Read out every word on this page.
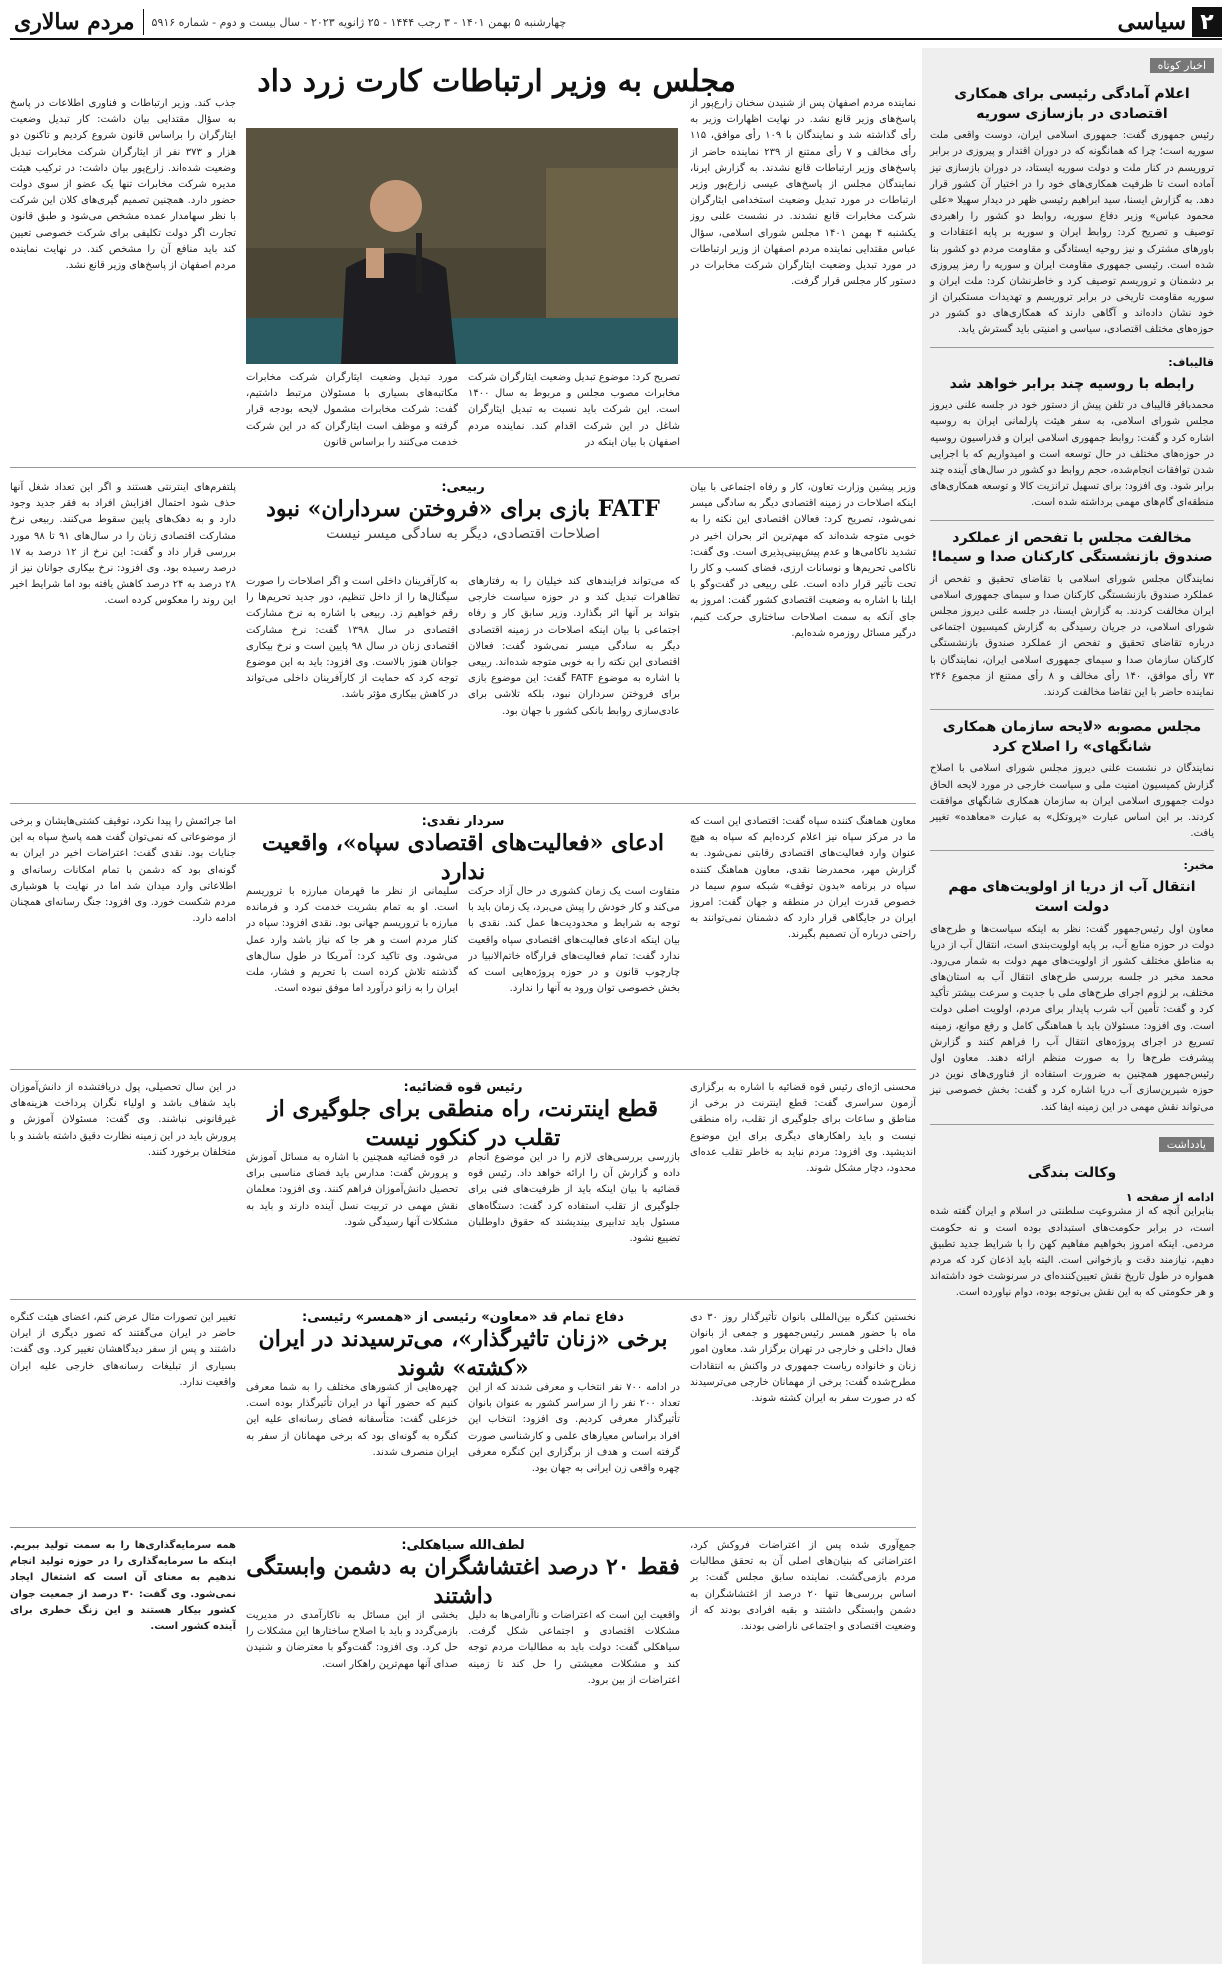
۲
سیاسی
چهارشنبه ۵ بهمن ۱۴۰۱ - ۳ رجب ۱۴۴۴ - ۲۵ ژانویه ۲۰۲۳ - سال بیست و دوم - شماره ۵۹۱۶
مردم سالاری
اخبار کوتاه
اعلام آمادگی رئیسی برای همکاری اقتصادی در بازسازی سوریه
رئیس جمهوری گفت: جمهوری اسلامی ایران، دوست واقعی ملت سوریه است؛ چرا که همانگونه که در دوران اقتدار و پیروزی در برابر تروریسم در کنار ملت و دولت سوریه ایستاد، در دوران بازسازی نیز آماده است تا ظرفیت همکاری‌های خود را در اختیار آن کشور قرار دهد. به گزارش ایسنا، سید ابراهیم رئیسی ظهر در دیدار سهیلا «علی محمود عباس» وزیر دفاع سوریه، روابط دو کشور را راهبردی توصیف و تصریح کرد: روابط ایران و سوریه بر پایه اعتقادات و باورهای مشترک و نیز روحیه ایستادگی و مقاومت مردم دو کشور بنا شده است. رئیسی جمهوری مقاومت ایران و سوریه را رمز پیروزی بر دشمنان و تروریسم توصیف کرد و خاطرنشان کرد: ملت ایران و سوریه مقاومت تاریخی در برابر تروریسم و تهدیدات مستکبران از خود نشان داده‌اند و آگاهی دارند که همکاری‌های دو کشور در حوزه‌های مختلف اقتصادی، سیاسی و امنیتی باید گسترش یابد.
قالیباف:
رابطه با روسیه چند برابر خواهد شد
محمدباقر قالیباف در تلفن پیش از دستور خود در جلسه علنی دیروز مجلس شورای اسلامی، به سفر هیئت پارلمانی ایران به روسیه اشاره کرد و گفت: روابط جمهوری اسلامی ایران و فدراسیون روسیه در حوزه‌های مختلف در حال توسعه است و امیدواریم که با اجرایی شدن توافقات انجام‌شده، حجم روابط دو کشور در سال‌های آینده چند برابر شود. وی افزود: برای تسهیل ترانزیت کالا و توسعه همکاری‌های منطقه‌ای گام‌های مهمی برداشته شده است.
مخالفت مجلس با تفحص از عملکرد صندوق بازنشستگی کارکنان صدا و سیما!
نمایندگان مجلس شورای اسلامی با تقاضای تحقیق و تفحص از عملکرد صندوق بازنشستگی کارکنان صدا و سیمای جمهوری اسلامی ایران مخالفت کردند. به گزارش ایسنا، در جلسه علنی دیروز مجلس شورای اسلامی، در جریان رسیدگی به گزارش کمیسیون اجتماعی درباره تقاضای تحقیق و تفحص از عملکرد صندوق بازنشستگی کارکنان سازمان صدا و سیمای جمهوری اسلامی ایران، نمایندگان با ۷۳ رأی موافق، ۱۴۰ رأی مخالف و ۸ رأی ممتنع از مجموع ۲۴۶ نماینده حاضر با این تقاضا مخالفت کردند.
مجلس مصوبه «لایحه سازمان همکاری شانگهای» را اصلاح کرد
نمایندگان در نشست علنی دیروز مجلس شورای اسلامی با اصلاح گزارش کمیسیون امنیت ملی و سیاست خارجی در مورد لایحه الحاق دولت جمهوری اسلامی ایران به سازمان همکاری شانگهای موافقت کردند. بر این اساس عبارت «پروتکل» به عبارت «معاهده» تغییر یافت.
مخبر:
انتقال آب از دریا از اولویت‌های مهم دولت است
معاون اول رئیس‌جمهور گفت: نظر به اینکه سیاست‌ها و طرح‌های دولت در حوزه منابع آب، بر پایه اولویت‌بندی است، انتقال آب از دریا به مناطق مختلف کشور از اولویت‌های مهم دولت به شمار می‌رود. محمد مخبر در جلسه بررسی طرح‌های انتقال آب به استان‌های مختلف، بر لزوم اجرای طرح‌های ملی با جدیت و سرعت بیشتر تأکید کرد و گفت: تأمین آب شرب پایدار برای مردم، اولویت اصلی دولت است. وی افزود: مسئولان باید با هماهنگی کامل و رفع موانع، زمینه تسریع در اجرای پروژه‌های انتقال آب را فراهم کنند و گزارش پیشرفت طرح‌ها را به صورت منظم ارائه دهند. معاون اول رئیس‌جمهور همچنین به ضرورت استفاده از فناوری‌های نوین در حوزه شیرین‌سازی آب دریا اشاره کرد و گفت: بخش خصوصی نیز می‌تواند نقش مهمی در این زمینه ایفا کند.
یادداشت
وکالت بندگی
ادامه از صفحه ۱
بنابراین آنچه که از مشروعیت سلطنتی در اسلام و ایران گفته شده است، در برابر حکومت‌های استبدادی بوده است و نه حکومت مردمی. اینکه امروز بخواهیم مفاهیم کهن را با شرایط جدید تطبیق دهیم، نیازمند دقت و بازخوانی است. البته باید اذعان کرد که مردم همواره در طول تاریخ نقش تعیین‌کننده‌ای در سرنوشت خود داشته‌اند و هر حکومتی که به این نقش بی‌توجه بوده، دوام نیاورده است.
مجلس به وزیر ارتباطات کارت زرد داد
نماینده مردم اصفهان پس از شنیدن سخنان زارع‌پور از پاسخ‌های وزیر قانع نشد. در نهایت اظهارات وزیر به رأی گذاشته شد و نمایندگان با ۱۰۹ رأی موافق، ۱۱۵ رأی مخالف و ۷ رأی ممتنع از ۲۳۹ نماینده حاضر از پاسخ‌های وزیر ارتباطات قانع نشدند. به گزارش ایرنا، نمایندگان مجلس از پاسخ‌های عیسی زارع‌پور وزیر ارتباطات در مورد تبدیل وضعیت استخدامی ایثارگران شرکت مخابرات قانع نشدند. در نشست علنی روز یکشنبه ۴ بهمن ۱۴۰۱ مجلس شورای اسلامی، سؤال عباس مقتدایی نماینده مردم اصفهان از وزیر ارتباطات در مورد تبدیل وضعیت ایثارگران شرکت مخابرات در دستور کار مجلس قرار گرفت.
جذب کند. وزیر ارتباطات و فناوری اطلاعات در پاسخ به سؤال مقتدایی بیان داشت: کار تبدیل وضعیت ایثارگران را براساس قانون شروع کردیم و تاکنون دو هزار و ۳۷۳ نفر از ایثارگران شرکت مخابرات تبدیل وضعیت شده‌اند. زارع‌پور بیان داشت: در ترکیب هیئت مدیره شرکت مخابرات تنها یک عضو از سوی دولت حضور دارد. همچنین تصمیم گیری‌های کلان این شرکت با نظر سهامدار عمده مشخص می‌شود و طبق قانون تجارت اگر دولت تکلیفی برای شرکت خصوصی تعیین کند باید منافع آن را مشخص کند. در نهایت نماینده مردم اصفهان از پاسخ‌های وزیر قانع نشد.
تصریح کرد: موضوع تبدیل وضعیت ایثارگران شرکت مخابرات مصوب مجلس و مربوط به سال ۱۴۰۰ است. این شرکت باید نسبت به تبدیل ایثارگران شاغل در این شرکت اقدام کند. نماینده مردم اصفهان با بیان اینکه در
مورد تبدیل وضعیت ایثارگران شرکت مخابرات مکاتبه‌های بسیاری با مسئولان مرتبط داشتیم، گفت: شرکت مخابرات مشمول لایحه بودجه قرار گرفته و موظف است ایثارگران که در این شرکت خدمت می‌کنند را براساس قانون
ربیعی:
FATF بازی برای «فروختن سرداران» نبود
اصلاحات اقتصادی، دیگر به سادگی میسر نیست
وزیر پیشین وزارت تعاون، کار و رفاه اجتماعی با بیان اینکه اصلاحات در زمینه اقتصادی دیگر به سادگی میسر نمی‌شود، تصریح کرد: فعالان اقتصادی این نکته را به خوبی متوجه شده‌اند که مهم‌ترین اثر بحران اخیر در تشدید ناکامی‌ها و عدم پیش‌بینی‌پذیری است. وی گفت: ناکامی تحریم‌ها و نوسانات ارزی، فضای کسب و کار را تحت تأثیر قرار داده است. علی ربیعی در گفت‌وگو با ایلنا با اشاره به وضعیت اقتصادی کشور گفت: امروز به جای آنکه به سمت اصلاحات ساختاری حرکت کنیم، درگیر مسائل روزمره شده‌ایم.
که می‌تواند فرایندهای کند خیلیان را به رفتارهای تظاهرات تبدیل کند و در حوزه سیاست خارجی بتواند بر آنها اثر بگذارد. وزیر سابق کار و رفاه اجتماعی با بیان اینکه اصلاحات در زمینه اقتصادی دیگر به سادگی میسر نمی‌شود گفت: فعالان اقتصادی این نکته را به خوبی متوجه شده‌اند. ربیعی با اشاره به موضوع FATF گفت: این موضوع بازی برای فروختن سرداران نبود، بلکه تلاشی برای عادی‌سازی روابط بانکی کشور با جهان بود.
به کارآفرینان داخلی است و اگر اصلاحات را صورت سیگنال‌ها را از داخل تنظیم، دور جدید تحریم‌ها را رقم خواهیم زد. ربیعی با اشاره به نرخ مشارکت اقتصادی در سال ۱۳۹۸ گفت: نرخ مشارکت اقتصادی زنان در سال ۹۸ پایین است و نرخ بیکاری جوانان هنوز بالاست. وی افزود: باید به این موضوع توجه کرد که حمایت از کارآفرینان داخلی می‌تواند در کاهش بیکاری مؤثر باشد.
پلتفرم‌های اینترنتی هستند و اگر این تعداد شغل آنها حذف شود احتمال افزایش افراد به فقر جدید وجود دارد و به دهک‌های پایین سقوط می‌کنند. ربیعی نرخ مشارکت اقتصادی زنان را در سال‌های ۹۱ تا ۹۸ مورد بررسی قرار داد و گفت: این نرخ از ۱۲ درصد به ۱۷ درصد رسیده بود. وی افزود: نرخ بیکاری جوانان نیز از ۲۸ درصد به ۲۴ درصد کاهش یافته بود اما شرایط اخیر این روند را معکوس کرده است.
سردار نقدی:
ادعای «فعالیت‌های اقتصادی سپاه»، واقعیت ندارد
معاون هماهنگ کننده سپاه گفت: اقتصادی این است که ما در مرکز سپاه نیز اعلام کرده‌ایم که سپاه به هیچ عنوان وارد فعالیت‌های اقتصادی رقابتی نمی‌شود. به گزارش مهر، محمدرضا نقدی، معاون هماهنگ کننده سپاه در برنامه «بدون توقف» شبکه سوم سیما در خصوص قدرت ایران در منطقه و جهان گفت: امروز ایران در جایگاهی قرار دارد که دشمنان نمی‌توانند به راحتی درباره آن تصمیم بگیرند.
متفاوت است یک زمان کشوری در حال آزاد حرکت می‌کند و کار خودش را پیش می‌برد، یک زمان باید با توجه به شرایط و محدودیت‌ها عمل کند. نقدی با بیان اینکه ادعای فعالیت‌های اقتصادی سپاه واقعیت ندارد گفت: تمام فعالیت‌های قرارگاه خاتم‌الانبیا در چارچوب قانون و در حوزه پروژه‌هایی است که بخش خصوصی توان ورود به آنها را ندارد.
سلیمانی از نظر ما قهرمان مبارزه با تروریسم است. او به تمام بشریت خدمت کرد و فرمانده مبارزه با تروریسم جهانی بود. نقدی افزود: سپاه در کنار مردم است و هر جا که نیاز باشد وارد عمل می‌شود. وی تاکید کرد: آمریکا در طول سال‌های گذشته تلاش کرده است با تحریم و فشار، ملت ایران را به زانو درآورد اما موفق نبوده است.
اما جرائمش را پیدا نکرد، توقیف کشتی‌هایشان و برخی از موضوعاتی که نمی‌توان گفت همه پاسخ سپاه به این جنایات بود. نقدی گفت: اعتراضات اخیر در ایران به گونه‌ای بود که دشمن با تمام امکانات رسانه‌ای و اطلاعاتی وارد میدان شد اما در نهایت با هوشیاری مردم شکست خورد. وی افزود: جنگ رسانه‌ای همچنان ادامه دارد.
رئیس قوه قضائیه:
قطع اینترنت، راه منطقی برای جلوگیری از تقلب در کنکور نیست
محسنی اژه‌ای رئیس قوه قضائیه با اشاره به برگزاری آزمون سراسری گفت: قطع اینترنت در برخی از مناطق و ساعات برای جلوگیری از تقلب، راه منطقی نیست و باید راهکارهای دیگری برای این موضوع اندیشید. وی افزود: مردم نباید به خاطر تقلب عده‌ای محدود، دچار مشکل شوند.
بازرسی بررسی‌های لازم را در این موضوع انجام داده و گزارش آن را ارائه خواهد داد. رئیس قوه قضائیه با بیان اینکه باید از ظرفیت‌های فنی برای جلوگیری از تقلب استفاده کرد گفت: دستگاه‌های مسئول باید تدابیری بیندیشند که حقوق داوطلبان تضییع نشود.
در قوه قضائیه همچنین با اشاره به مسائل آموزش و پرورش گفت: مدارس باید فضای مناسبی برای تحصیل دانش‌آموزان فراهم کنند. وی افزود: معلمان نقش مهمی در تربیت نسل آینده دارند و باید به مشکلات آنها رسیدگی شود.
در این سال تحصیلی، پول دریافتشده از دانش‌آموزان باید شفاف باشد و اولیاء نگران پرداخت هزینه‌های غیرقانونی نباشند. وی گفت: مسئولان آموزش و پرورش باید در این زمینه نظارت دقیق داشته باشند و با متخلفان برخورد کنند.
دفاع تمام قد «معاون» رئیسی از «همسر» رئیسی:
برخی «زنان تاثیرگذار»، می‌ترسیدند در ایران «کشته» شوند
نخستین کنگره بین‌المللی بانوان تأثیرگذار روز ۳۰ دی ماه با حضور همسر رئیس‌جمهور و جمعی از بانوان فعال داخلی و خارجی در تهران برگزار شد. معاون امور زنان و خانواده ریاست جمهوری در واکنش به انتقادات مطرح‌شده گفت: برخی از مهمانان خارجی می‌ترسیدند که در صورت سفر به ایران کشته شوند.
در ادامه ۷۰۰ نفر انتخاب و معرفی شدند که از این تعداد ۲۰۰ نفر را از سراسر کشور به عنوان بانوان تأثیرگذار معرفی کردیم. وی افزود: انتخاب این افراد براساس معیارهای علمی و کارشناسی صورت گرفته است و هدف از برگزاری این کنگره معرفی چهره واقعی زن ایرانی به جهان بود.
چهره‌هایی از کشورهای مختلف را به شما معرفی کنیم که حضور آنها در ایران تأثیرگذار بوده است. خزعلی گفت: متأسفانه فضای رسانه‌ای علیه این کنگره به گونه‌ای بود که برخی مهمانان از سفر به ایران منصرف شدند.
تغییر این تصورات مثال عرض کنم، اعضای هیئت کنگره حاضر در ایران می‌گفتند که تصور دیگری از ایران داشتند و پس از سفر دیدگاهشان تغییر کرد. وی گفت: بسیاری از تبلیغات رسانه‌های خارجی علیه ایران واقعیت ندارد.
لطف‌الله سیاهکلی:
فقط ۲۰ درصد اغتشاشگران به دشمن وابستگی داشتند
جمع‌آوری شده پس از اعتراضات فروکش کرد، اعتراضاتی که بنیان‌های اصلی آن به تحقق مطالبات مردم بازمی‌گشت. نماینده سابق مجلس گفت: بر اساس بررسی‌ها تنها ۲۰ درصد از اغتشاشگران به دشمن وابستگی داشتند و بقیه افرادی بودند که از وضعیت اقتصادی و اجتماعی ناراضی بودند.
واقعیت این است که اعتراضات و ناآرامی‌ها به دلیل مشکلات اقتصادی و اجتماعی شکل گرفت. سیاهکلی گفت: دولت باید به مطالبات مردم توجه کند و مشکلات معیشتی را حل کند تا زمینه اعتراضات از بین برود.
بخشی از این مسائل به ناکارآمدی در مدیریت بازمی‌گردد و باید با اصلاح ساختارها این مشکلات را حل کرد. وی افزود: گفت‌وگو با معترضان و شنیدن صدای آنها مهم‌ترین راهکار است.
همه سرمایه‌گذاری‌ها را به سمت تولید ببریم. اینکه ما سرمایه‌گذاری را در حوزه تولید انجام ندهیم به معنای آن است که اشتغال ایجاد نمی‌شود. وی گفت: ۳۰ درصد از جمعیت جوان کشور بیکار هستند و این زنگ خطری برای آینده کشور است.
